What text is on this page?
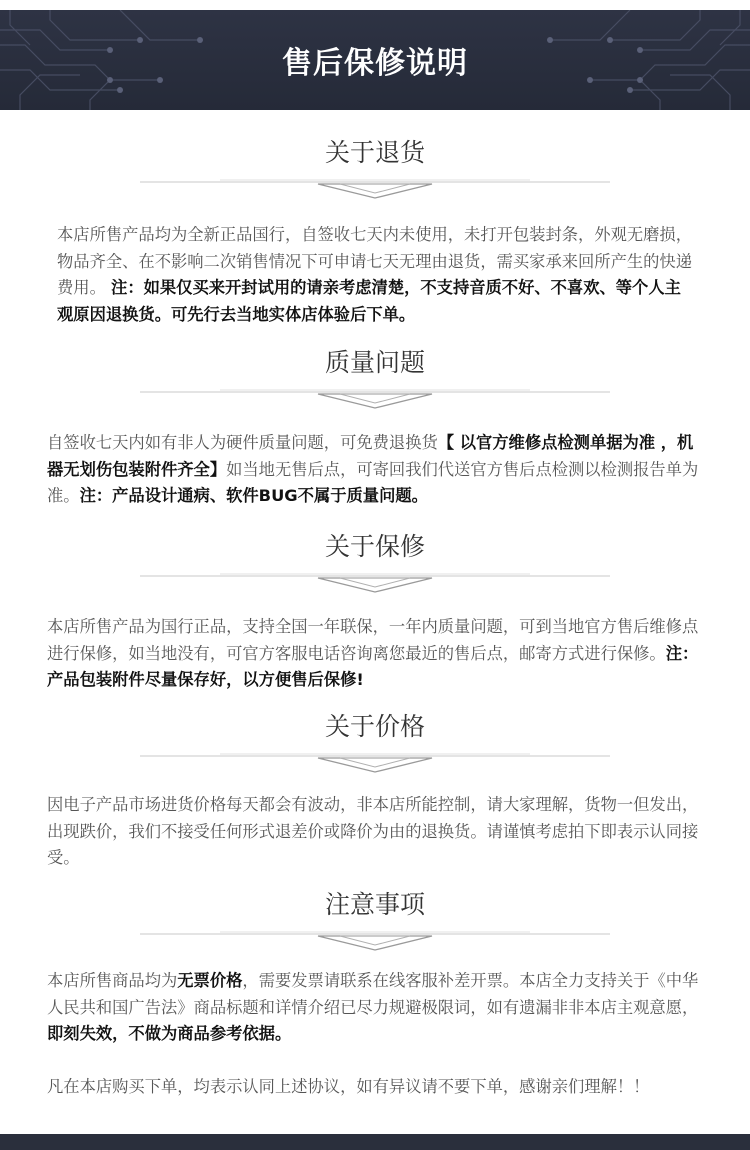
售后保修说明
关于退货

本店所售产品均为全新正品国行，自签收七天内未使用，未打开包装封条，外观无磨损，物品齐全、在不影响二次销售情况下可申请七天无理由退货，需买家承来回所产生的快递费用。 注：如果仅买来开封试用的请亲考虑清楚，不支持音质不好、不喜欢、等个人主观原因退换货。可先行去当地实体店体验后下单。

质量问题

自签收七天内如有非人为硬件质量问题，可免费退换货【 以官方维修点检测单据为准 ，机器无划伤包装附件齐全】如当地无售后点，可寄回我们代送官方售后点检测以检测报告单为准。注：产品设计通病、软件BUG不属于质量问题。

关于保修

本店所售产品为国行正品，支持全国一年联保，一年内质量问题，可到当地官方售后维修点进行保修，如当地没有，可官方客服电话咨询离您最近的售后点，邮寄方式进行保修。注：产品包装附件尽量保存好，以方便售后保修!

关于价格

因电子产品市场进货价格每天都会有波动，非本店所能控制，请大家理解，货物一但发出，出现跌价，我们不接受任何形式退差价或降价为由的退换货。请谨慎考虑拍下即表示认同接受。

注意事项

本店所售商品均为无票价格，需要发票请联系在线客服补差开票。本店全力支持关于《中华人民共和国广告法》商品标题和详情介绍已尽力规避极限词，如有遗漏非非本店主观意愿，即刻失效，不做为商品参考依据。

凡在本店购买下单，均表示认同上述协议，如有异议请不要下单，感谢亲们理解！！
